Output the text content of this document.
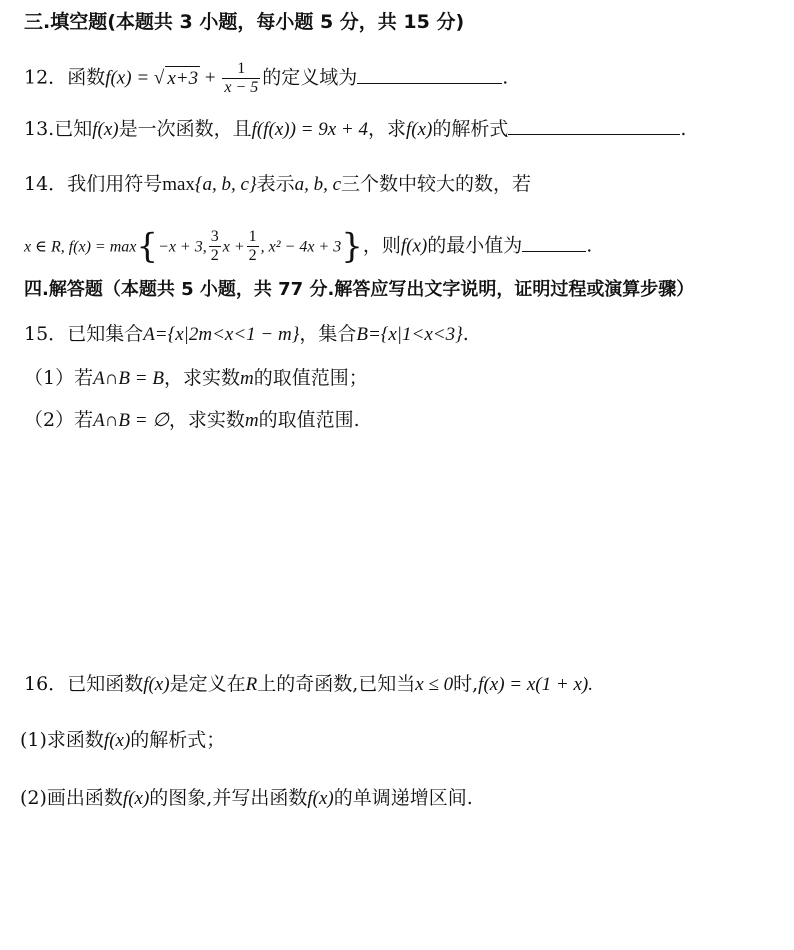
三.填空题(本题共 3 小题，每小题 5 分，共 15 分)
12．函数f(x) = √ $x+3 + \frac{1}{x - 5}$ 的定义域为	.
13.已知f(x)是一次函数，且f(f(x)) = 9x + 4，求f(x)的解析式	.
14．我们用符号max{a, b, c}表示a, b, c三个数中较大的数，若
x ∈ R, f(x) = max{−x + 3, $\frac{3}{2}$ $x + \frac{1}{2}$ , x² − 4x + 3}，则f(x)的最小值为	.
四.解答题（本题共 5 小题，共 77 分.解答应写出文字说明，证明过程或演算步骤）
15．已知集合A={x|2m<x<1 − m}，集合B={x|1<x<3}.
（1）若A∩B = B，求实数m的取值范围；
（2）若A∩B = ∅，求实数m的取值范围.
16．已知函数f(x)是定义在R上的奇函数,已知当x ≤ 0时,f(x) = x(1 + x).
(1)求函数f(x)的解析式；
(2)画出函数f(x)的图象,并写出函数f(x)的单调递增区间.
